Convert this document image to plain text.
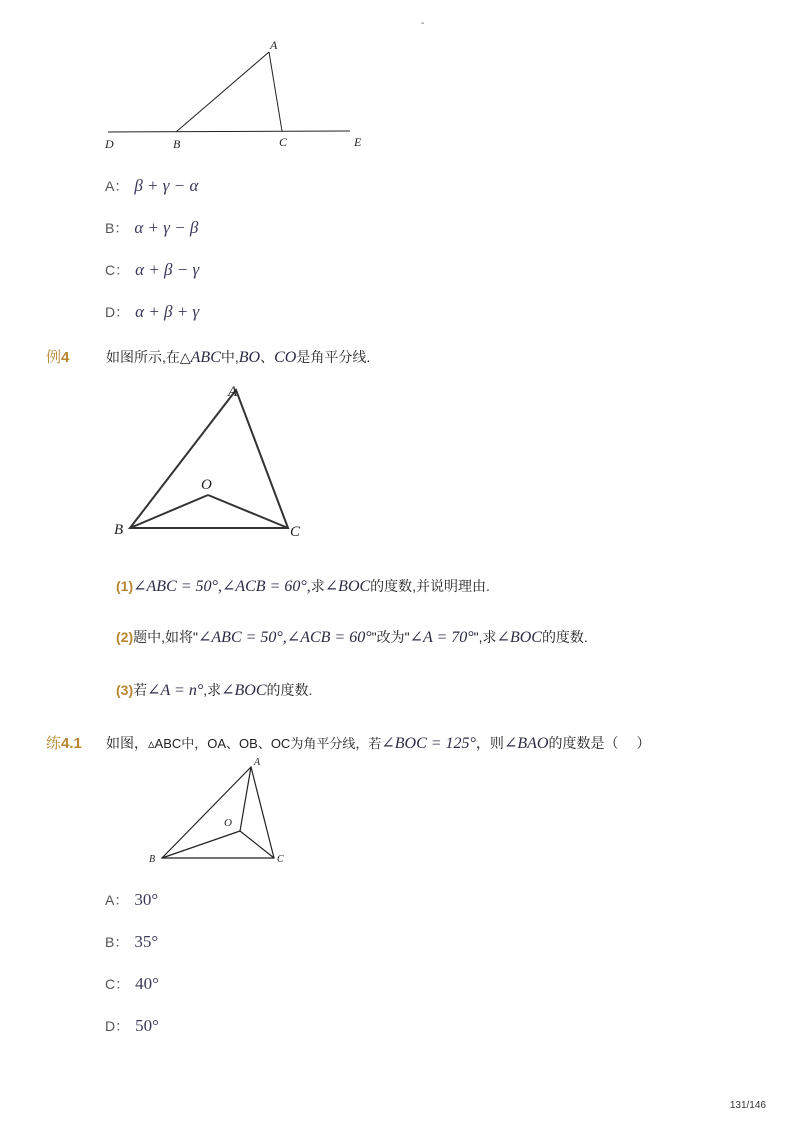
-
A
B	C
D	E
A： β + γ − α
B： α + γ − β
C： α + β − γ
D： α + β + γ
例4	如图所示,在△ABC中,BO、CO是角平分线.
A
O
B	C
(1)∠ABC = 50°,∠ACB = 60°,求∠BOC的度数,并说明理由.
(2)题中,如将"∠ABC = 50°,∠ACB = 60°"改为"∠A = 70°",求∠BOC的度数.
(3)若∠A = n°,求∠BOC的度数.
练4.1 如图，▵ABC中，OA、OB、OC为角平分线，若∠BOC = 125°，则∠BAO的度数是（　 ）
A
O
B	C
A： 30°
B： 35°
C： 40°
D： 50°
131/146
